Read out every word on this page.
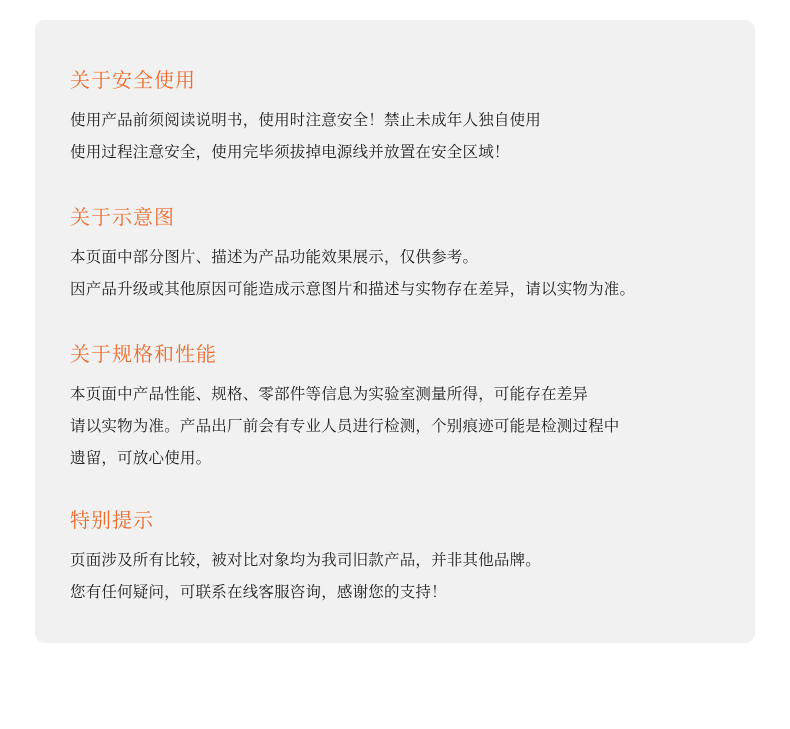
关于安全使用
使用产品前须阅读说明书，使用时注意安全！禁止未成年人独自使用
使用过程注意安全，使用完毕须拔掉电源线并放置在安全区域！
关于示意图
本页面中部分图片、描述为产品功能效果展示，仅供参考。
因产品升级或其他原因可能造成示意图片和描述与实物存在差异，请以实物为准。
关于规格和性能
本页面中产品性能、规格、零部件等信息为实验室测量所得，可能存在差异
请以实物为准。产品出厂前会有专业人员进行检测，个别痕迹可能是检测过程中
遗留，可放心使用。
特别提示
页面涉及所有比较，被对比对象均为我司旧款产品，并非其他品牌。
您有任何疑问，可联系在线客服咨询，感谢您的支持！
